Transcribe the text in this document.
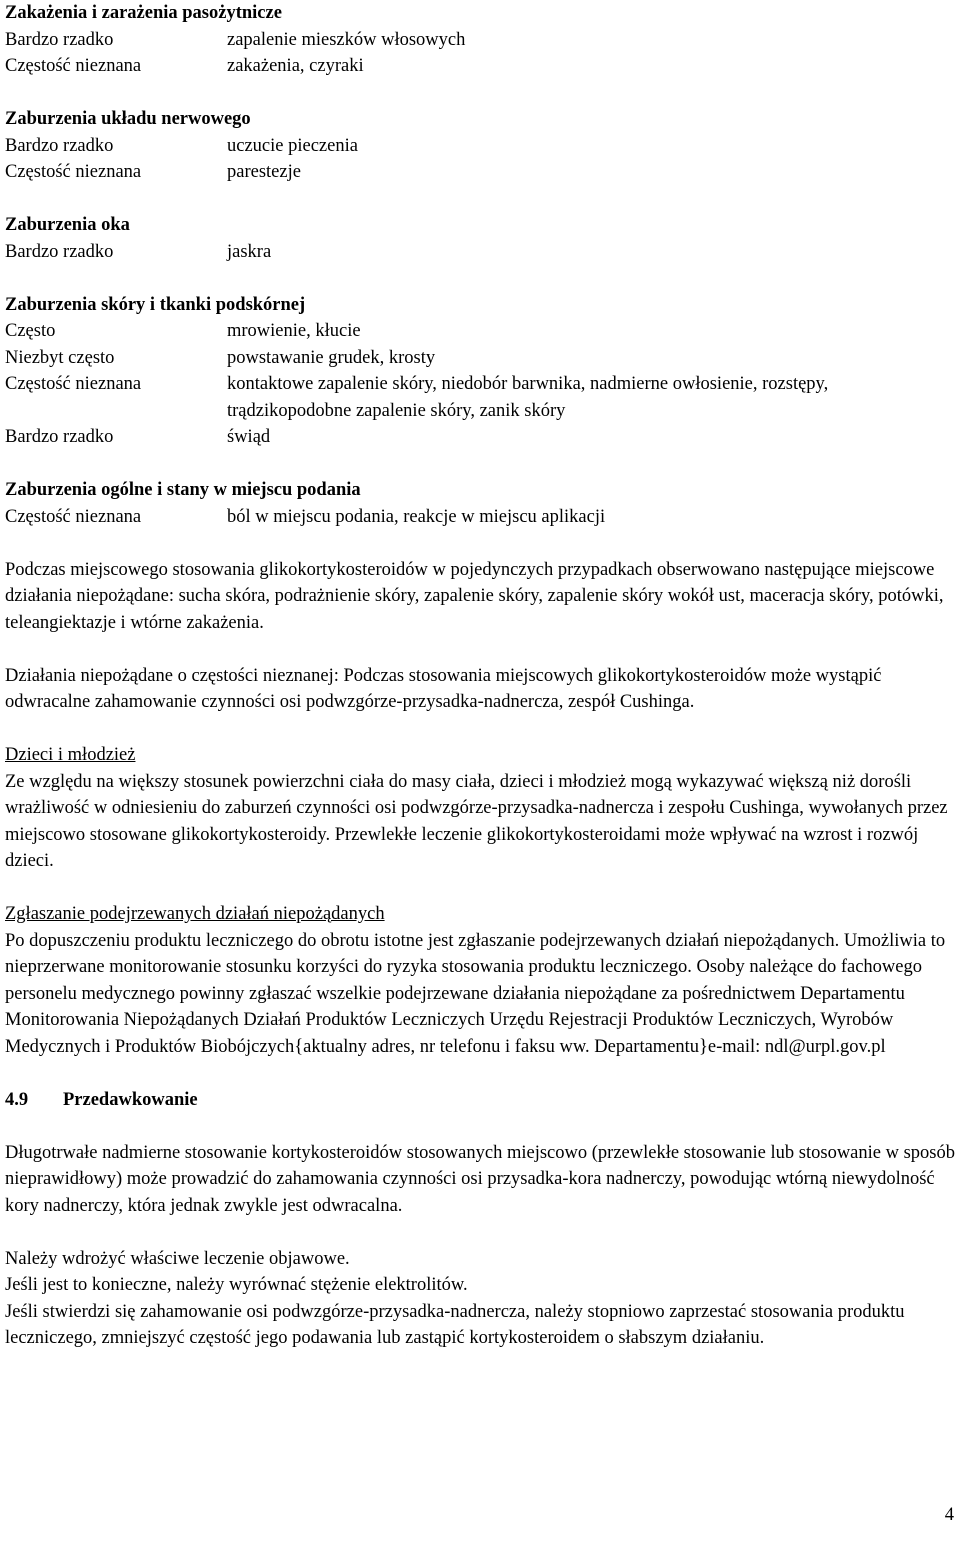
Zakażenia i zarażenia pasożytnicze
Bardzo rzadko	zapalenie mieszków włosowych
Częstość nieznana	zakażenia, czyraki
Zaburzenia układu nerwowego
Bardzo rzadko	uczucie pieczenia
Częstość nieznana	parestezje
Zaburzenia oka
Bardzo rzadko	jaskra
Zaburzenia skóry i tkanki podskórnej
Często	mrowienie, kłucie
Niezbyt często	powstawanie grudek, krosty
Częstość nieznana	kontaktowe zapalenie skóry, niedobór barwnika, nadmierne owłosienie, rozstępy, trądzikopodobne zapalenie skóry, zanik skóry
Bardzo rzadko	świąd
Zaburzenia ogólne i stany w miejscu podania
Częstość nieznana	ból w miejscu podania, reakcje w miejscu aplikacji

Podczas miejscowego stosowania glikokortykosteroidów w pojedynczych przypadkach obserwowano następujące miejscowe działania niepożądane: sucha skóra, podrażnienie skóry, zapalenie skóry, zapalenie skóry wokół ust, maceracja skóry, potówki, teleangiektazje i wtórne zakażenia.

Działania niepożądane o częstości nieznanej: Podczas stosowania miejscowych glikokortykosteroidów może wystąpić odwracalne zahamowanie czynności osi podwzgórze-przysadka-nadnercza, zespół Cushinga.

Dzieci i młodzież

Ze względu na większy stosunek powierzchni ciała do masy ciała, dzieci i młodzież mogą wykazywać większą niż dorośli wrażliwość w odniesieniu do zaburzeń czynności osi podwzgórze-przysadka-nadnercza i zespołu Cushinga, wywołanych przez miejscowo stosowane glikokortykosteroidy. Przewlekłe leczenie glikokortykosteroidami może wpływać na wzrost i rozwój dzieci.

Zgłaszanie podejrzewanych działań niepożądanych

Po dopuszczeniu produktu leczniczego do obrotu istotne jest zgłaszanie podejrzewanych działań niepożądanych. Umożliwia to nieprzerwane monitorowanie stosunku korzyści do ryzyka stosowania produktu leczniczego. Osoby należące do fachowego personelu medycznego powinny zgłaszać wszelkie podejrzewane działania niepożądane za pośrednictwem Departamentu Monitorowania Niepożądanych Działań Produktów Leczniczych Urzędu Rejestracji Produktów Leczniczych, Wyrobów Medycznych i Produktów Biobójczych{aktualny adres, nr telefonu i faksu ww. Departamentu}e-mail: ndl@urpl.gov.pl

4.9	Przedawkowanie

Długotrwałe nadmierne stosowanie kortykosteroidów stosowanych miejscowo (przewlekłe stosowanie lub stosowanie w sposób nieprawidłowy) może prowadzić do zahamowania czynności osi przysadka-kora nadnerczy, powodując wtórną niewydolność kory nadnerczy, która jednak zwykle jest odwracalna.

Należy wdrożyć właściwe leczenie objawowe.

Jeśli jest to konieczne, należy wyrównać stężenie elektrolitów.

Jeśli stwierdzi się zahamowanie osi podwzgórze-przysadka-nadnercza, należy stopniowo zaprzestać stosowania produktu leczniczego, zmniejszyć częstość jego podawania lub zastąpić kortykosteroidem o słabszym działaniu.

4
